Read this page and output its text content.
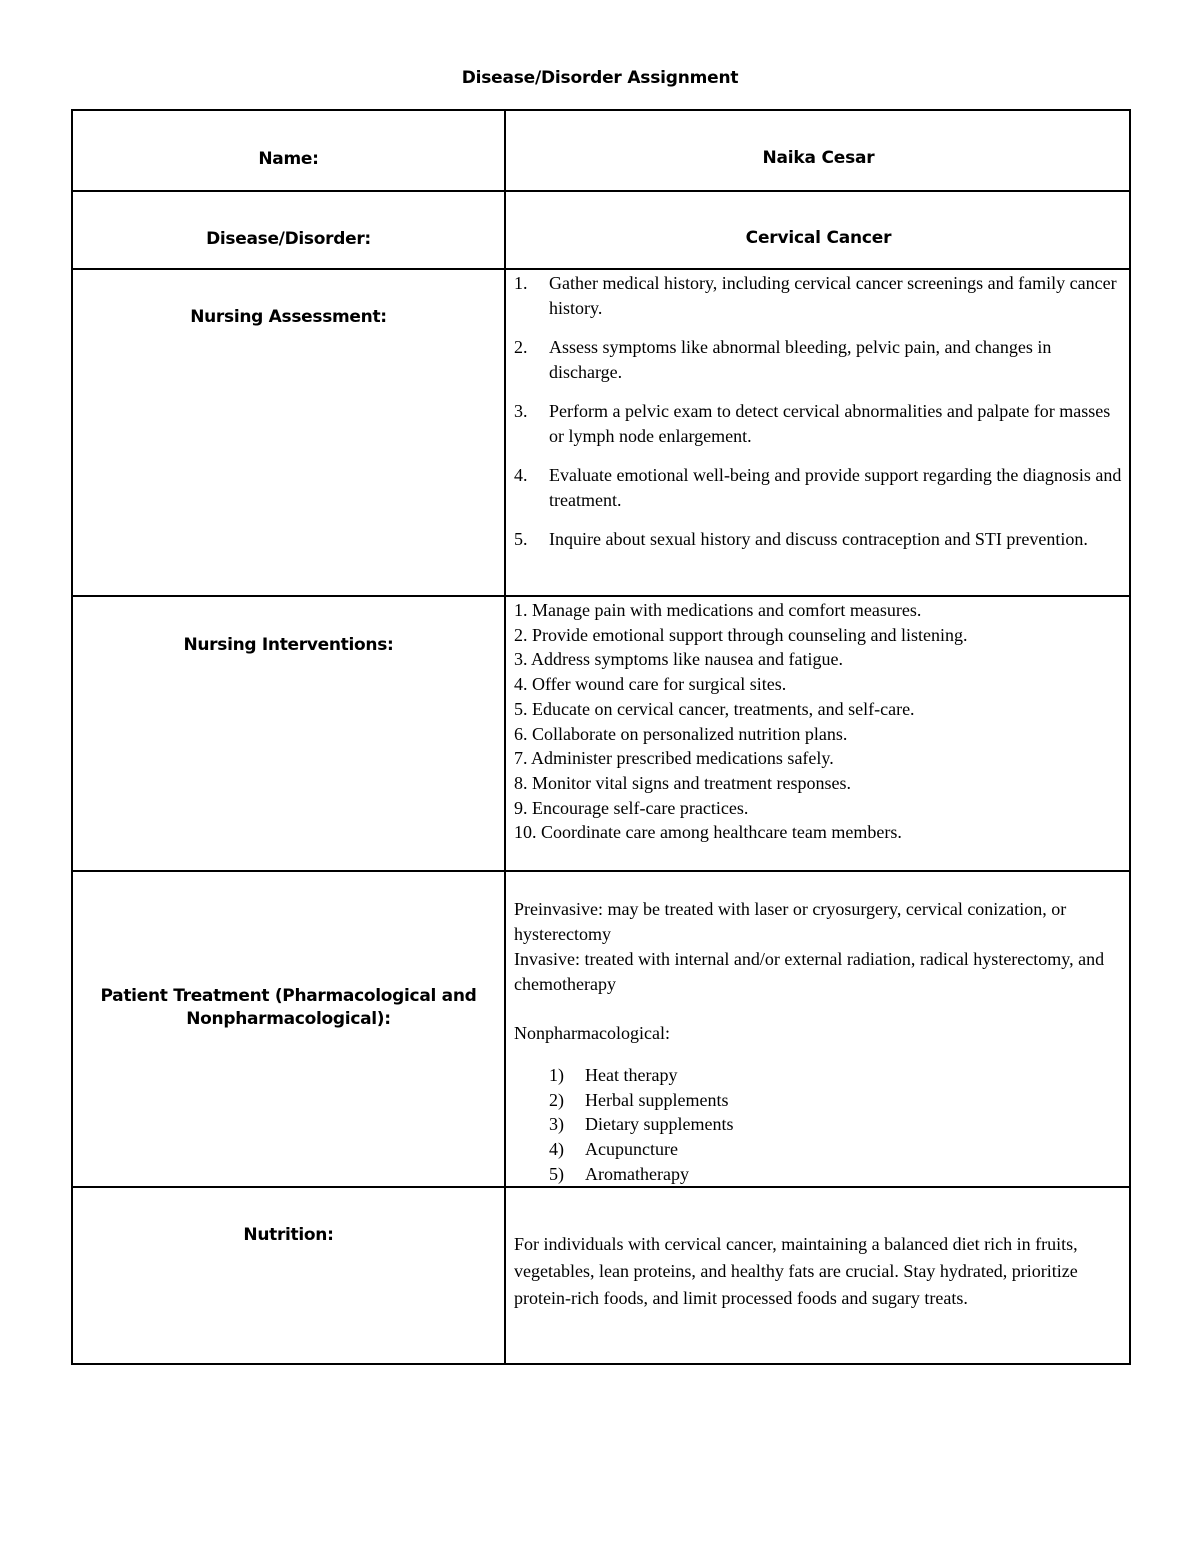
Disease/Disorder Assignment
Name:	Naika Cesar
Disease/Disorder:	Cervical Cancer
Nursing Assessment:
1.	Gather medical history, including cervical cancer screenings and family cancer history.
2.	Assess symptoms like abnormal bleeding, pelvic pain, and changes in discharge.
3.	Perform a pelvic exam to detect cervical abnormalities and palpate for masses or lymph node enlargement.
4.	Evaluate emotional well-being and provide support regarding the diagnosis and treatment.
5.	Inquire about sexual history and discuss contraception and STI prevention.
Nursing Interventions:
1. Manage pain with medications and comfort measures.
2. Provide emotional support through counseling and listening.
3. Address symptoms like nausea and fatigue.
4. Offer wound care for surgical sites.
5. Educate on cervical cancer, treatments, and self-care.
6. Collaborate on personalized nutrition plans.
7. Administer prescribed medications safely.
8. Monitor vital signs and treatment responses.
9. Encourage self-care practices.
10. Coordinate care among healthcare team members.
Patient Treatment (Pharmacological and
Nonpharmacological):
Preinvasive: may be treated with laser or cryosurgery, cervical conization, or hysterectomy
Invasive: treated with internal and/or external radiation, radical hysterectomy, and chemotherapy
Nonpharmacological:
1)	Heat therapy
2)	Herbal supplements
3)	Dietary supplements
4)	Acupuncture
5)	Aromatherapy
Nutrition:	For individuals with cervical cancer, maintaining a balanced diet rich in fruits, vegetables, lean proteins, and healthy fats are crucial. Stay hydrated, prioritize protein-rich foods, and limit processed foods and sugary treats.
